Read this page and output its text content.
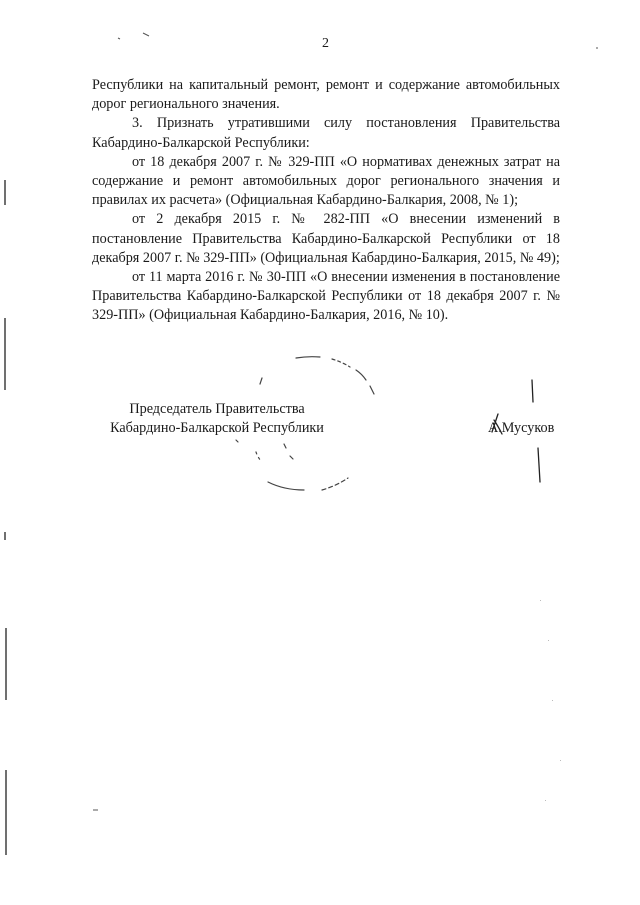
2

Республики на капитальный ремонт, ремонт и содержание автомобильных дорог регионального значения.

3. Признать утратившими силу постановления Правительства Кабардино-Балкарской Республики:

от 18 декабря 2007 г. № 329-ПП «О нормативах денежных затрат на содержание и ремонт автомобильных дорог регионального значения и правилах их расчета» (Официальная Кабардино-Балкария, 2008, № 1);

от 2 декабря 2015 г. № 282-ПП «О внесении изменений в постановление Правительства Кабардино-Балкарской Республики от 18 декабря 2007 г. № 329-ПП» (Официальная Кабардино-Балкария, 2015, № 49);

от 11 марта 2016 г. № 30-ПП «О внесении изменения в постановление Правительства Кабардино-Балкарской Республики от 18 декабря 2007 г. № 329-ПП» (Официальная Кабардино-Балкария, 2016, № 10).

Председатель Правительства
Кабардино-Балкарской Республики	А.Мусуков
